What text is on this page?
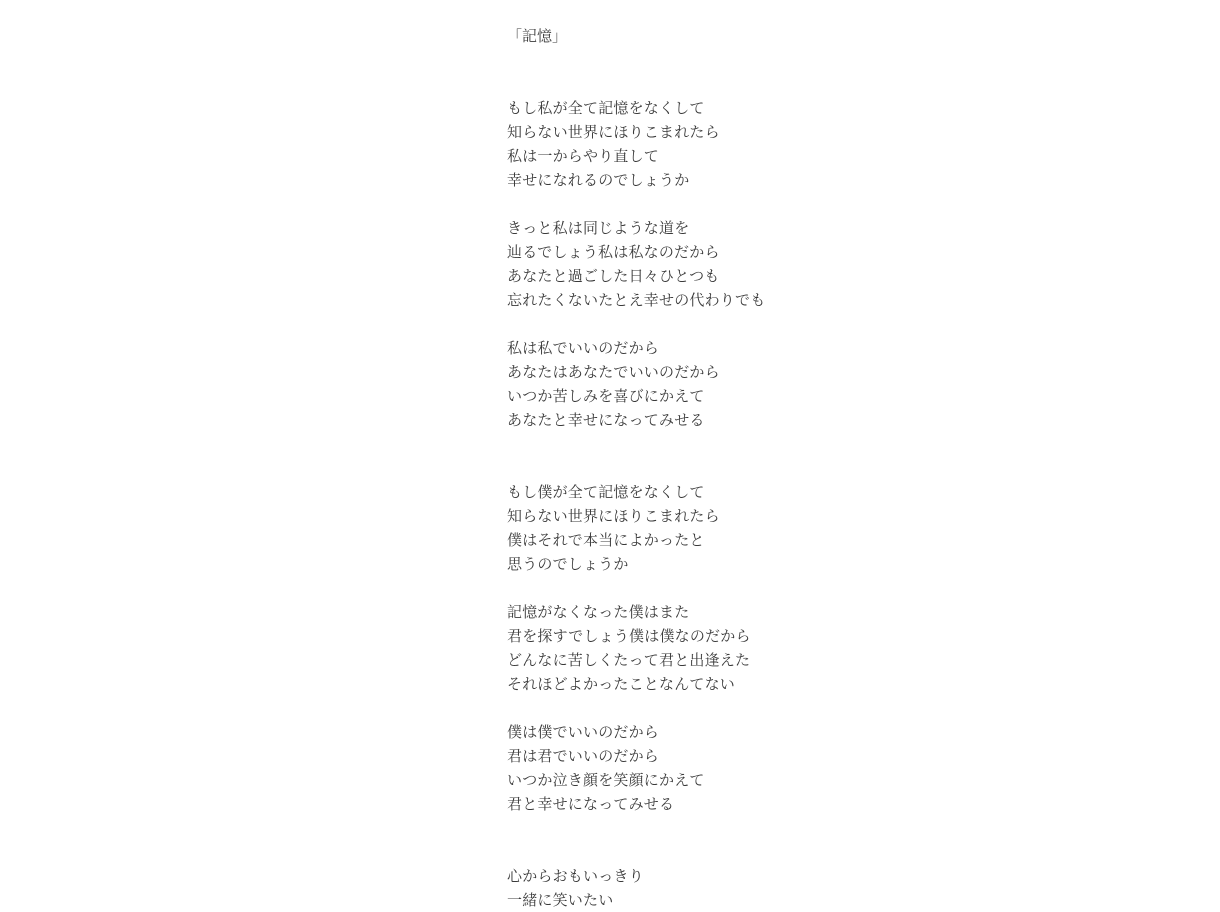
「記憶」
もし私が全て記憶をなくして
知らない世界にほりこまれたら
私は一からやり直して
幸せになれるのでしょうか
きっと私は同じような道を
辿るでしょう私は私なのだから
あなたと過ごした日々ひとつも
忘れたくないたとえ幸せの代わりでも
私は私でいいのだから
あなたはあなたでいいのだから
いつか苦しみを喜びにかえて
あなたと幸せになってみせる
もし僕が全て記憶をなくして
知らない世界にほりこまれたら
僕はそれで本当によかったと
思うのでしょうか
記憶がなくなった僕はまた
君を探すでしょう僕は僕なのだから
どんなに苦しくたって君と出逢えた
それほどよかったことなんてない
僕は僕でいいのだから
君は君でいいのだから
いつか泣き顔を笑顔にかえて
君と幸せになってみせる
心からおもいっきり
一緒に笑いたい
